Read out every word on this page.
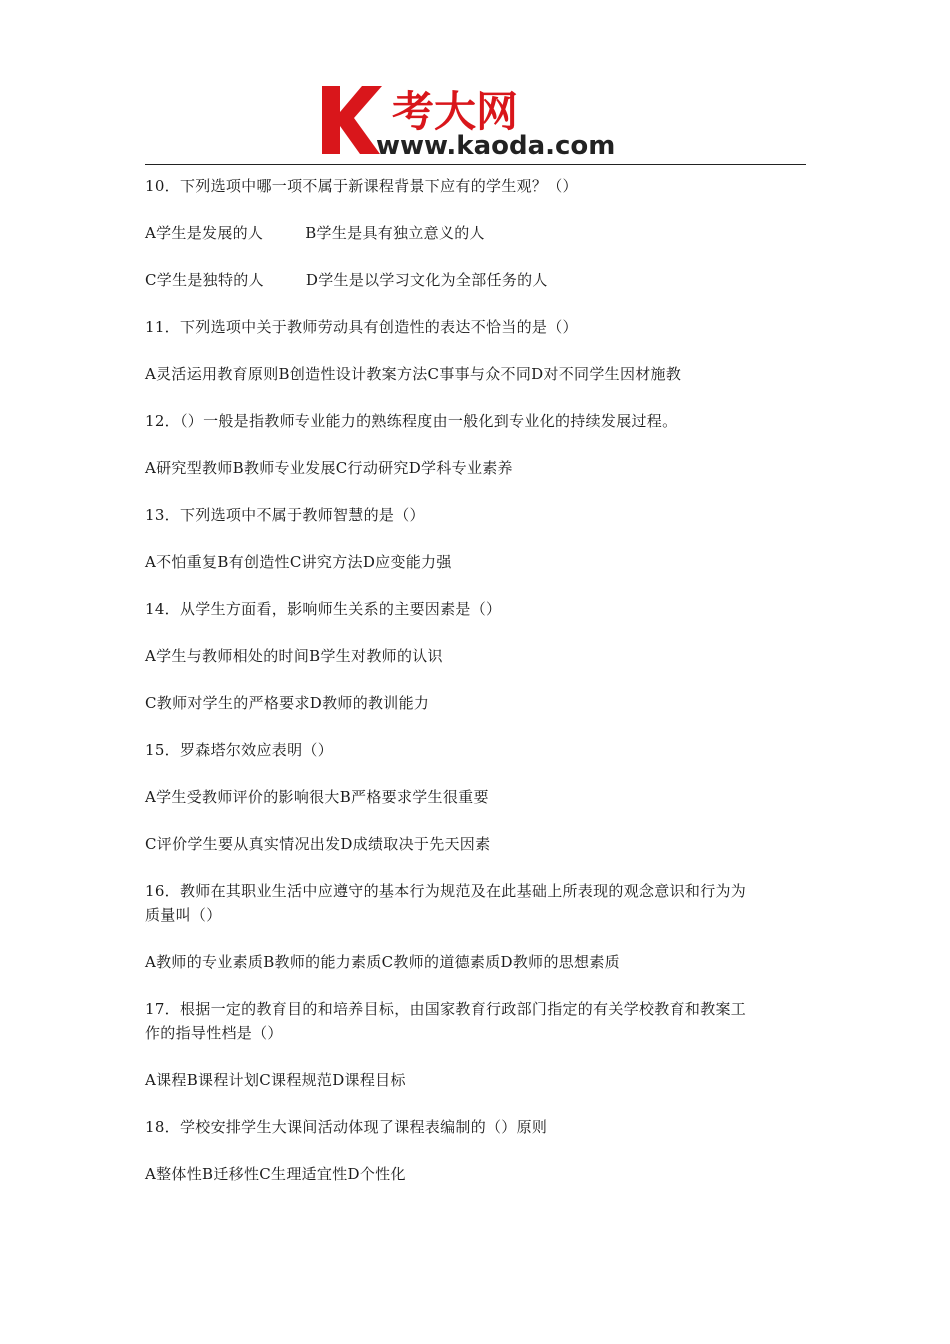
考大网
www.kaoda.com

10．下列选项中哪一项不属于新课程背景下应有的学生观？（）

A学生是发展的人	B学生是具有独立意义的人

C学生是独特的人	D学生是以学习文化为全部任务的人

11．下列选项中关于教师劳动具有创造性的表达不恰当的是（）

A灵活运用教育原则B创造性设计教案方法C事事与众不同D对不同学生因材施教

12．（）一般是指教师专业能力的熟练程度由一般化到专业化的持续发展过程。

A研究型教师B教师专业发展C行动研究D学科专业素养

13．下列选项中不属于教师智慧的是（）

A不怕重复B有创造性C讲究方法D应变能力强

14．从学生方面看，影响师生关系的主要因素是（）

A学生与教师相处的时间B学生对教师的认识

C教师对学生的严格要求D教师的教训能力

15．罗森塔尔效应表明（）

A学生受教师评价的影响很大B严格要求学生很重要

C评价学生要从真实情况出发D成绩取决于先天因素

16．教师在其职业生活中应遵守的基本行为规范及在此基础上所表现的观念意识和行为为

质量叫（）

A教师的专业素质B教师的能力素质C教师的道德素质D教师的思想素质

17．根据一定的教育目的和培养目标，由国家教育行政部门指定的有关学校教育和教案工

作的指导性档是（）

A课程B课程计划C课程规范D课程目标

18．学校安排学生大课间活动体现了课程表编制的（）原则

A整体性B迁移性C生理适宜性D个性化
